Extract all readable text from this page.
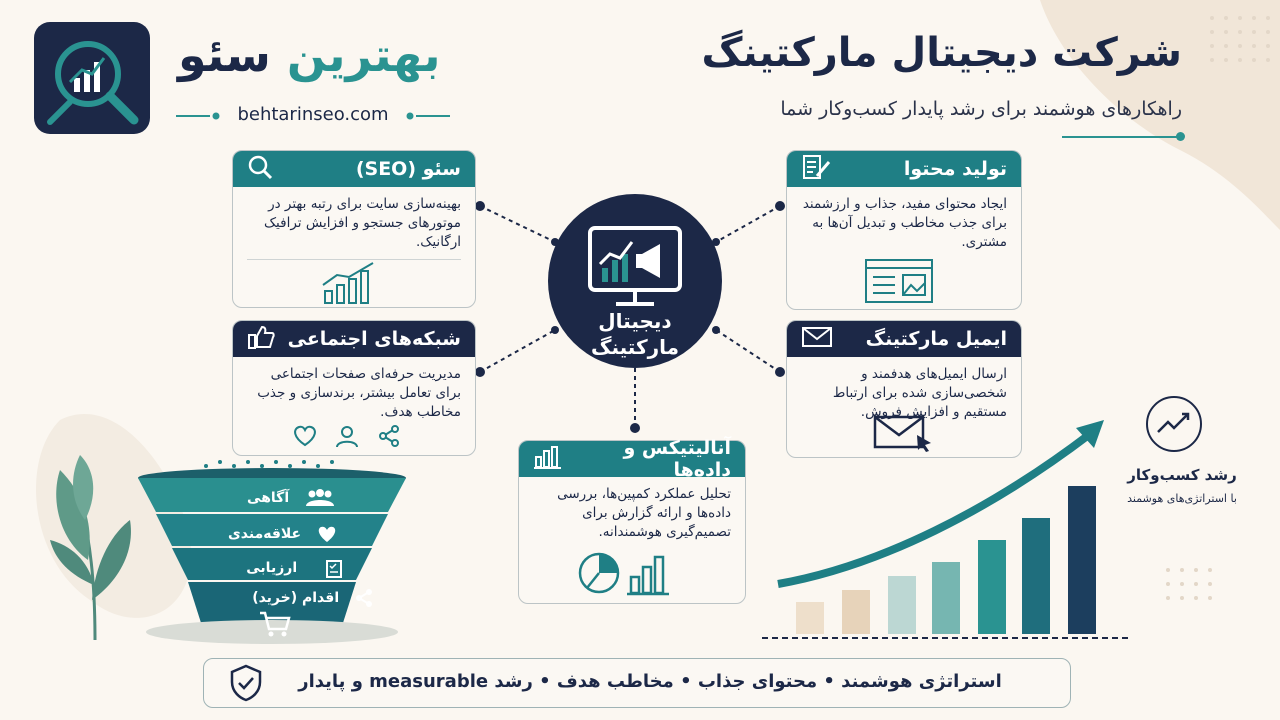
بهترین سئو
behtarinseo.com
شرکت دیجیتال مارکتینگ
راهکارهای هوشمند برای رشد پایدار کسب‌وکار شما
دیجیتال
مارکتینگ
سئو (SEO)
بهینه‌سازی سایت برای رتبه بهتر در موتورهای جستجو و افزایش ترافیک ارگانیک.
شبکه‌های اجتماعی
مدیریت حرفه‌ای صفحات اجتماعی برای تعامل بیشتر، برندسازی و جذب مخاطب هدف.
تولید محتوا
ایجاد محتوای مفید، جذاب و ارزشمند برای جذب مخاطب و تبدیل آن‌ها به مشتری.
ایمیل مارکتینگ
ارسال ایمیل‌های هدفمند و شخصی‌سازی شده برای ارتباط مستقیم و افزایش فروش.
آنالیتیکس و داده‌ها
تحلیل عملکرد کمپین‌ها، بررسی داده‌ها و ارائه گزارش برای تصمیم‌گیری هوشمندانه.
آگاهی
علاقه‌مندی
ارزیابی
اقدام (خرید)
رشد کسب‌وکار
با استراتژی‌های هوشمند
استراتژی هوشمند • محتوای جذاب • مخاطب هدف • رشد measurable و پایدار
